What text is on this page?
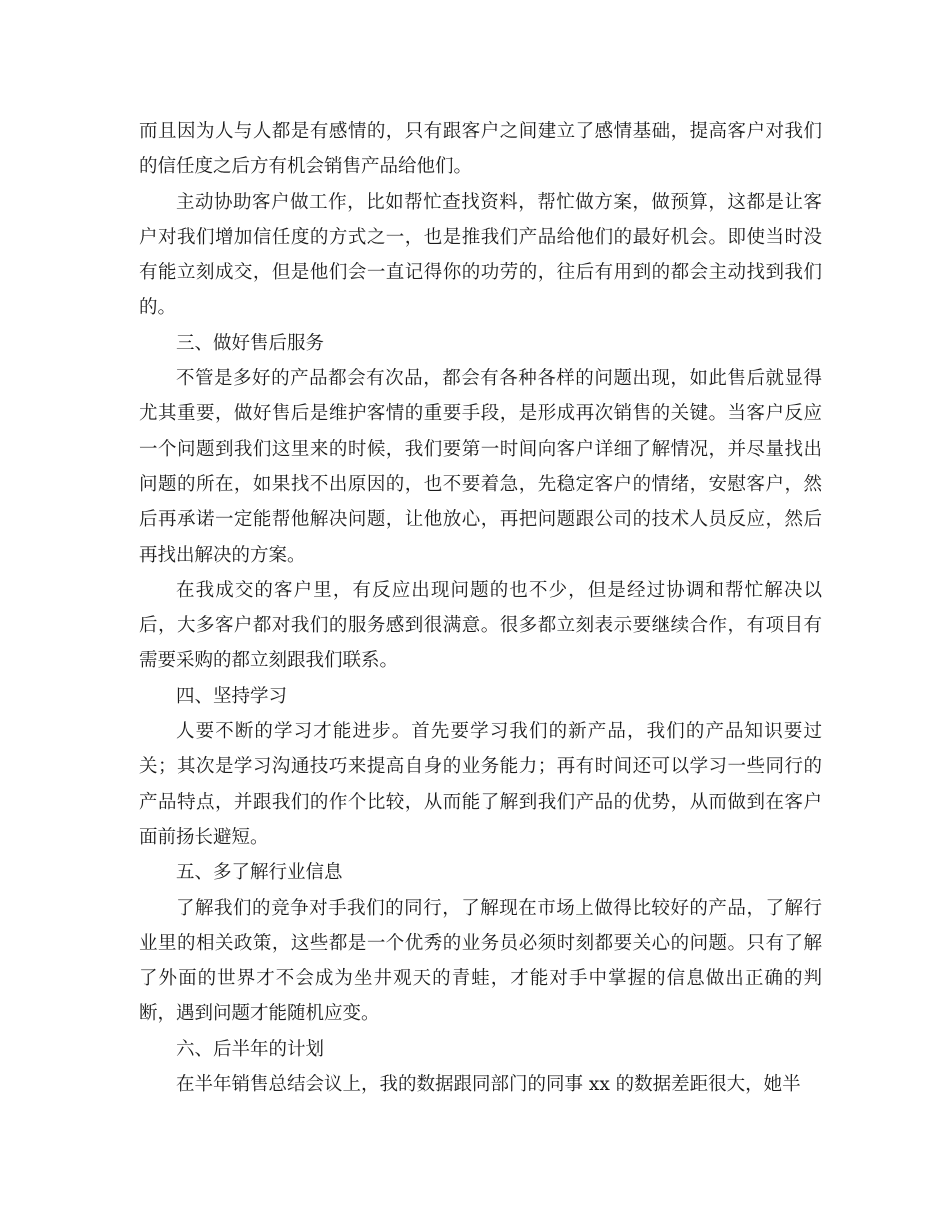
而且因为人与人都是有感情的，只有跟客户之间建立了感情基础，提高客户对我们的信任度之后方有机会销售产品给他们。

主动协助客户做工作，比如帮忙查找资料，帮忙做方案，做预算，这都是让客户对我们增加信任度的方式之一，也是推我们产品给他们的最好机会。即使当时没有能立刻成交，但是他们会一直记得你的功劳的，往后有用到的都会主动找到我们的。

三、做好售后服务

不管是多好的产品都会有次品，都会有各种各样的问题出现，如此售后就显得尤其重要，做好售后是维护客情的重要手段，是形成再次销售的关键。当客户反应一个问题到我们这里来的时候，我们要第一时间向客户详细了解情况，并尽量找出问题的所在，如果找不出原因的，也不要着急，先稳定客户的情绪，安慰客户，然后再承诺一定能帮他解决问题，让他放心，再把问题跟公司的技术人员反应，然后再找出解决的方案。

在我成交的客户里，有反应出现问题的也不少，但是经过协调和帮忙解决以后，大多客户都对我们的服务感到很满意。很多都立刻表示要继续合作，有项目有需要采购的都立刻跟我们联系。

四、坚持学习

人要不断的学习才能进步。首先要学习我们的新产品，我们的产品知识要过关；其次是学习沟通技巧来提高自身的业务能力；再有时间还可以学习一些同行的产品特点，并跟我们的作个比较，从而能了解到我们产品的优势，从而做到在客户面前扬长避短。

五、多了解行业信息

了解我们的竞争对手我们的同行，了解现在市场上做得比较好的产品，了解行业里的相关政策，这些都是一个优秀的业务员必须时刻都要关心的问题。只有了解了外面的世界才不会成为坐井观天的青蛙，才能对手中掌握的信息做出正确的判断，遇到问题才能随机应变。

六、后半年的计划

在半年销售总结会议上，我的数据跟同部门的同事 xx 的数据差距很大，她半
